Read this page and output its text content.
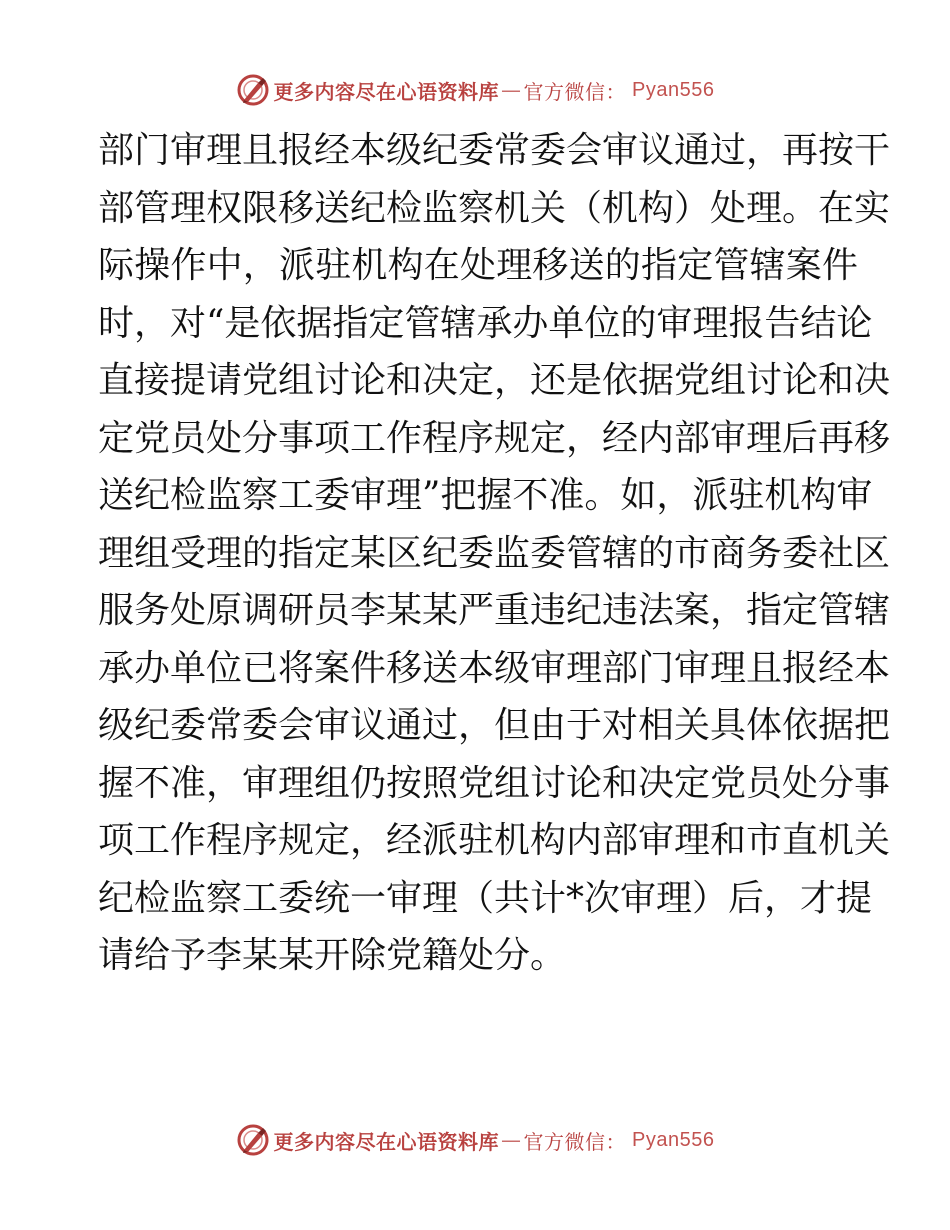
更多内容尽在心语资料库 — 官方微信： Pyan556
部门审理且报经本级纪委常委会审议通过，再按干
部管理权限移送纪检监察机关（机构）处理。在实
际操作中，派驻机构在处理移送的指定管辖案件
时，对“是依据指定管辖承办单位的审理报告结论
直接提请党组讨论和决定，还是依据党组讨论和决
定党员处分事项工作程序规定，经内部审理后再移
送纪检监察工委审理”把握不准。如，派驻机构审
理组受理的指定某区纪委监委管辖的市商务委社区
服务处原调研员李某某严重违纪违法案，指定管辖
承办单位已将案件移送本级审理部门审理且报经本
级纪委常委会审议通过，但由于对相关具体依据把
握不准，审理组仍按照党组讨论和决定党员处分事
项工作程序规定，经派驻机构内部审理和市直机关
纪检监察工委统一审理（共计*次审理）后，才提
请给予李某某开除党籍处分。
更多内容尽在心语资料库 — 官方微信： Pyan556
